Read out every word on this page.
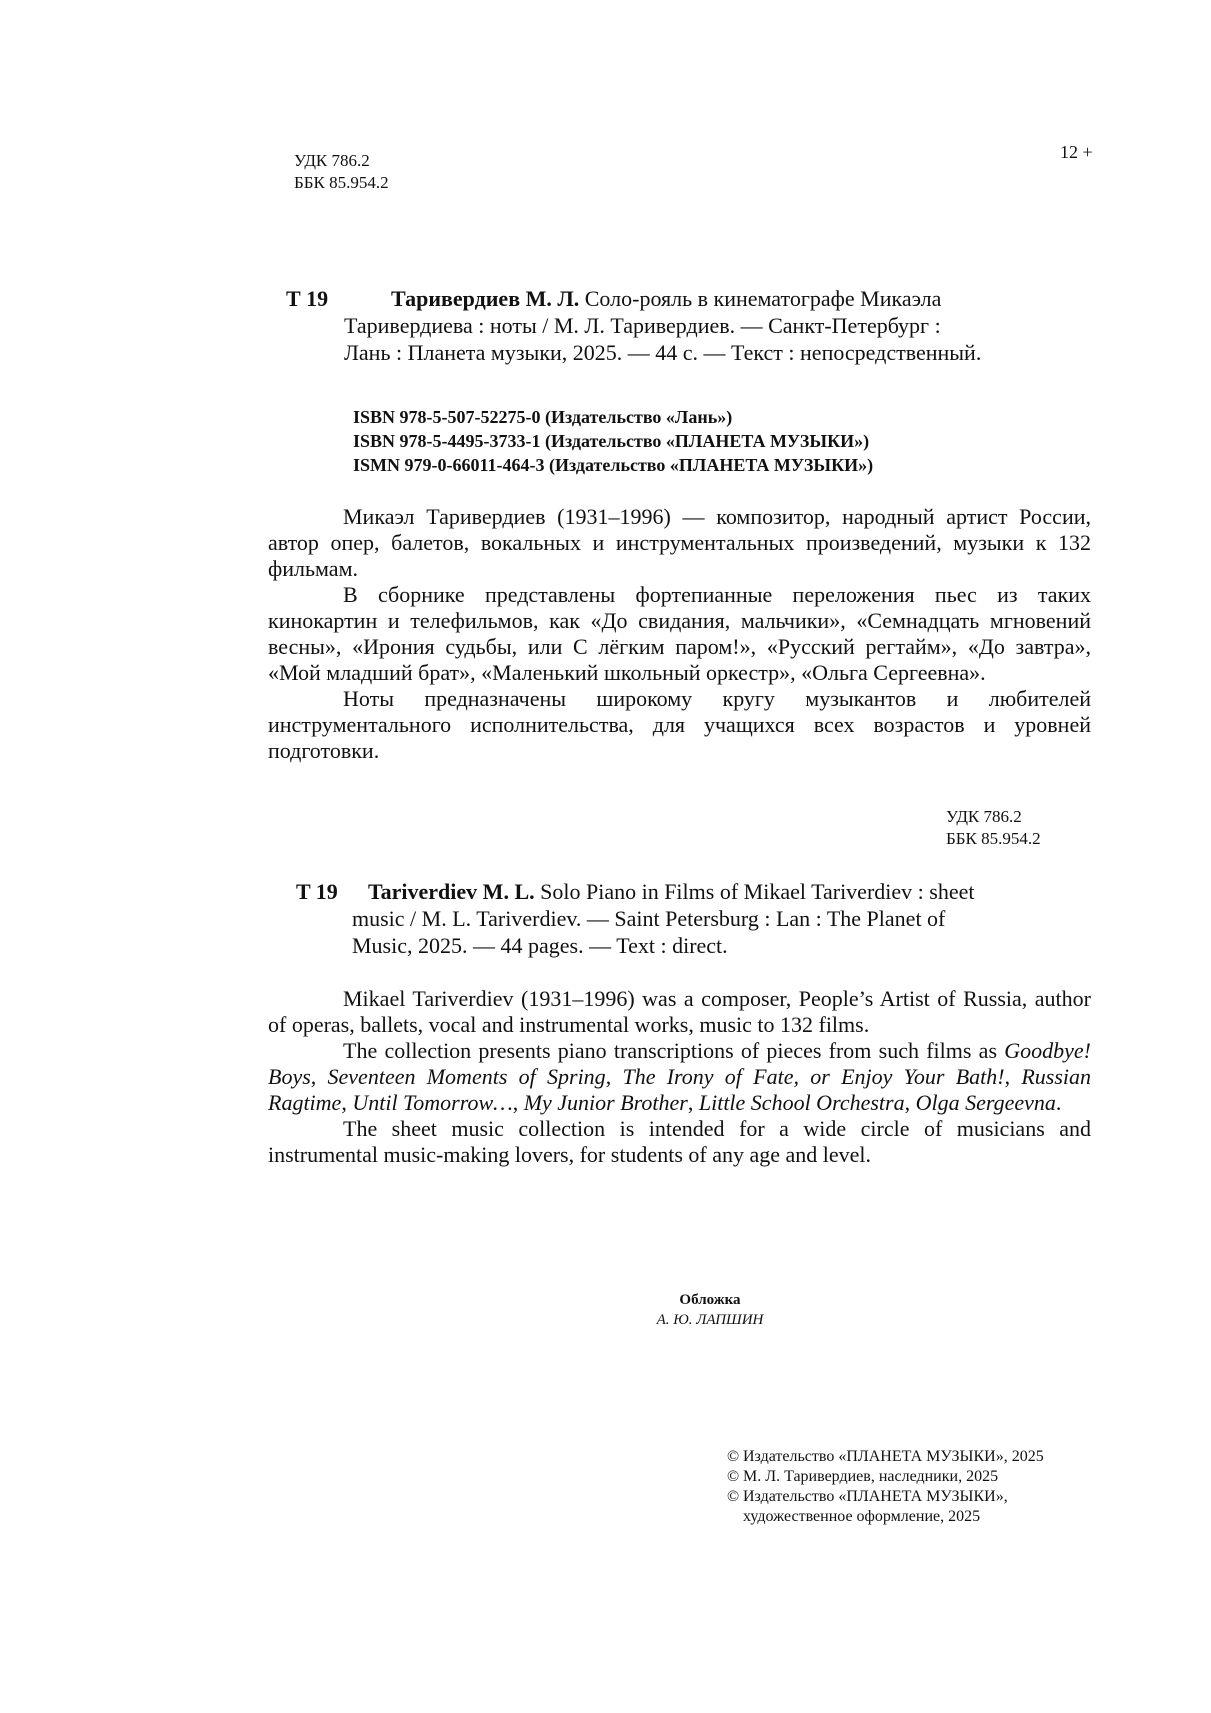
12 +
УДК 786.2
ББК 85.954.2
Т 19	Таривердиев М. Л. Соло-рояль в кинематографе Микаэла
Таривердиева : ноты / М. Л. Таривердиев. — Санкт-Петербург :
Лань : Планета музыки, 2025. — 44 с. — Текст : непосредственный.
ISBN 978-5-507-52275-0 (Издательство «Лань»)
ISBN 978-5-4495-3733-1 (Издательство «ПЛАНЕТА МУЗЫКИ»)
ISMN 979-0-66011-464-3 (Издательство «ПЛАНЕТА МУЗЫКИ»)

Микаэл Таривердиев (1931–1996) — композитор, народный артист России, автор опер, балетов, вокальных и инструментальных произведений, музыки к 132 фильмам.

В сборнике представлены фортепианные переложения пьес из таких кинокартин и телефильмов, как «До свидания, мальчики», «Семнадцать мгновений весны», «Ирония судьбы, или С лёгким паром!», «Русский регтайм», «До завтра», «Мой младший брат», «Маленький школьный оркестр», «Ольга Сергеевна».

Ноты предназначены широкому кругу музыкантов и любителей инструментального исполнительства, для учащихся всех возрастов и уровней подготовки.

УДК 786.2
ББК 85.954.2
T 19 Tariverdiev M. L. Solo Piano in Films of Mikael Tariverdiev : sheet
music / M. L. Tariverdiev. — Saint Petersburg : Lan : The Planet of
Music, 2025. — 44 pages. — Text : direct.

Mikael Tariverdiev (1931–1996) was a composer, People’s Artist of Russia, author of operas, ballets, vocal and instrumental works, music to 132 films.

The collection presents piano transcriptions of pieces from such films as Goodbye! Boys, Seventeen Moments of Spring, The Irony of Fate, or Enjoy Your Bath!, Russian Ragtime, Until Tomorrow…, My Junior Brother, Little School Orchestra, Olga Sergeevna.

The sheet music collection is intended for a wide circle of musicians and instrumental music-making lovers, for students of any age and level.

Обложка
А. Ю. ЛАПШИН
© Издательство «ПЛАНЕТА МУЗЫКИ», 2025
© М. Л. Таривердиев, наследники, 2025
© Издательство «ПЛАНЕТА МУЗЫКИ»,
художественное оформление, 2025
